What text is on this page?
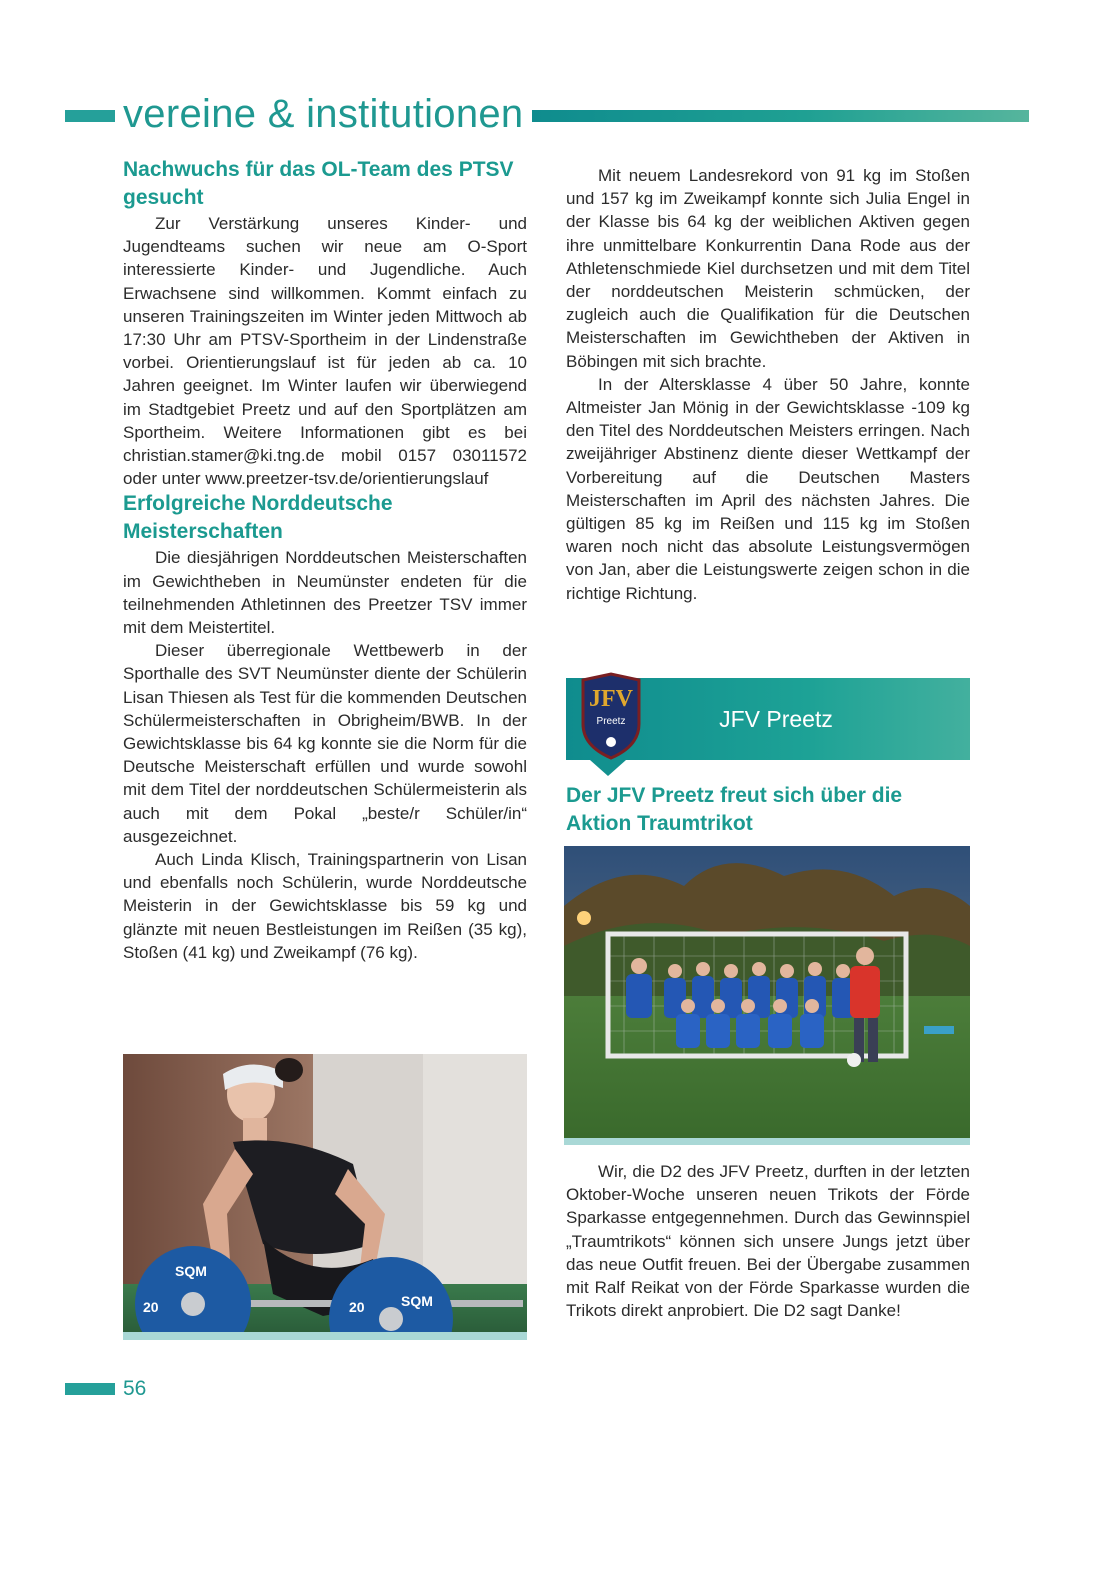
vereine & institutionen
Nachwuchs für das OL-Team des PTSV gesucht

Zur Verstärkung unseres Kinder- und Jugendteams suchen wir neue am O-Sport interessierte Kinder- und Jugendliche. Auch Erwachsene sind willkommen. Kommt einfach zu unseren Trainingszeiten im Winter jeden Mittwoch ab 17:30 Uhr am PTSV-Sportheim in der Lindenstraße vorbei. Orientierungslauf ist für jeden ab ca. 10 Jahren geeignet. Im Winter laufen wir überwiegend im Stadtgebiet Preetz und auf den Sportplätzen am Sportheim. Weitere Informationen gibt es bei christian.stamer@ki.tng.de mobil 0157 03011572 oder unter www.preetzer-tsv.de/orientierungslauf

Erfolgreiche Norddeutsche Meisterschaften

Die diesjährigen Norddeutschen Meisterschaften im Gewichtheben in Neumünster endeten für die teilnehmenden Athletinnen des Preetzer TSV immer mit dem Meistertitel.

Dieser überregionale Wettbewerb in der Sporthalle des SVT Neumünster diente der Schülerin Lisan Thiesen als Test für die kommenden Deutschen Schülermeisterschaften in Obrigheim/BWB. In der Gewichtsklasse bis 64 kg konnte sie die Norm für die Deutsche Meisterschaft erfüllen und wurde sowohl mit dem Titel der norddeutschen Schülermeisterin als auch mit dem Pokal „beste/r Schüler/in“ ausgezeichnet.

Auch Linda Klisch, Trainingspartnerin von Lisan und ebenfalls noch Schülerin, wurde Norddeutsche Meisterin in der Gewichtsklasse bis 59 kg und glänzte mit neuen Bestleistungen im Reißen (35 kg), Stoßen (41 kg) und Zweikampf (76 kg).

SQM
20	20	SQM

Mit neuem Landesrekord von 91 kg im Stoßen und 157 kg im Zweikampf konnte sich Julia Engel in der Klasse bis 64 kg der weiblichen Aktiven gegen ihre unmittelbare Konkurrentin Dana Rode aus der Athletenschmiede Kiel durchsetzen und mit dem Titel der norddeutschen Meisterin schmücken, der zugleich auch die Qualifikation für die Deutschen Meisterschaften im Gewichtheben der Aktiven in Böbingen mit sich brachte.

In der Altersklasse 4 über 50 Jahre, konnte Altmeister Jan Mönig in der Gewichtsklasse -109 kg den Titel des Norddeutschen Meisters erringen. Nach zweijähriger Abstinenz diente dieser Wettkampf der Vorbereitung auf die Deutschen Masters Meisterschaften im April des nächsten Jahres. Die gültigen 85 kg im Reißen und 115 kg im Stoßen waren noch nicht das absolute Leistungsvermögen von Jan, aber die Leistungswerte zeigen schon in die richtige Richtung.

JFV
Preetz	JFV Preetz
Der JFV Preetz freut sich über die Aktion Traumtrikot

Wir, die D2 des JFV Preetz, durften in der letzten Oktober-Woche unseren neuen Trikots der Förde Sparkasse entgegennehmen. Durch das Gewinnspiel „Traumtrikots“ können sich unsere Jungs jetzt über das neue Outfit freuen. Bei der Übergabe zusammen mit Ralf Reikat von der Förde Sparkasse wurden die Trikots direkt anprobiert. Die D2 sagt Danke!

56
